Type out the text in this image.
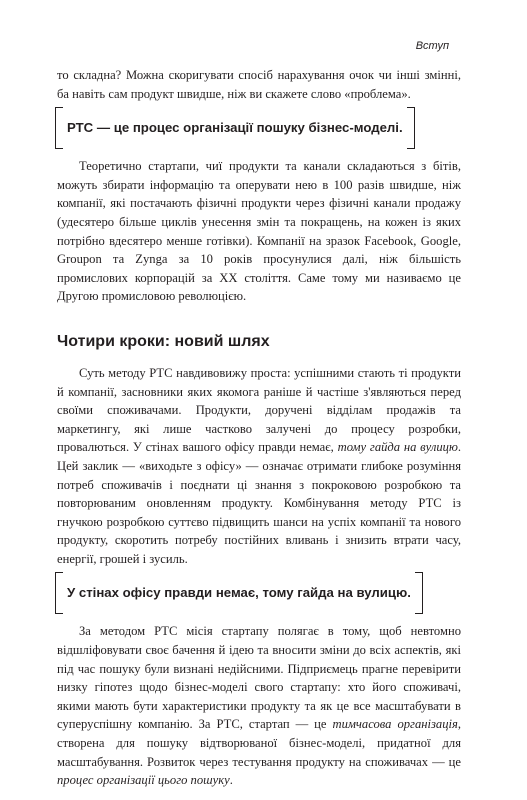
Вступ

то складна? Можна скоригувати спосіб нарахування очок чи інші змінні, ба навіть сам продукт швидше, ніж ви скажете слово «проблема».

РТС — це процес організації пошуку бізнес-моделі.

Теоретично стартапи, чиї продукти та канали складаються з бітів, можуть збирати інформацію та оперувати нею в 100 разів швидше, ніж компанії, які постачають фізичні продукти через фізичні канали продажу (удесятеро більше циклів унесення змін та покращень, на кожен із яких потрібно вдесятеро менше готівки). Компанії на зразок Facebook, Google, Groupon та Zynga за 10 років просунулися далі, ніж більшість промислових корпорацій за ХХ століття. Саме тому ми називаємо це Другою промисловою революцією.

Чотири кроки: новий шлях

Суть методу РТС навдивовижу проста: успішними стають ті продукти й компанії, засновники яких якомога раніше й частіше з'являються перед своїми споживачами. Продукти, доручені відділам продажів та маркетингу, які лише частково залучені до процесу розробки, провалються. У стінах вашого офісу правди немає, тому гайда на вулицю. Цей заклик — «виходьте з офісу» — означає отримати глибоке розуміння потреб споживачів і поєднати ці знання з покроковою розробкою та повторюваним оновленням продукту. Комбінування методу РТС із гнучкою розробкою суттєво підвищить шанси на успіх компанії та нового продукту, скоротить потребу постійних вливань і знизить втрати часу, енергії, грошей і зусиль.

У стінах офісу правди немає, тому гайда на вулицю.

За методом РТС місія стартапу полягає в тому, щоб невтомно відшліфовувати своє бачення й ідею та вносити зміни до всіх аспектів, які під час пошуку були визнані недійсними. Підприємець прагне перевірити низку гіпотез щодо бізнес-моделі свого стартапу: хто його споживачі, якими мають бути характеристики продукту та як це все масштабувати в суперуспішну компанію. За РТС, стартап — це тимчасова організація, створена для пошуку відтворюваної бізнес-моделі, придатної для масштабування. Розвиток через тестування продукту на споживачах — це процес організації цього пошуку.
